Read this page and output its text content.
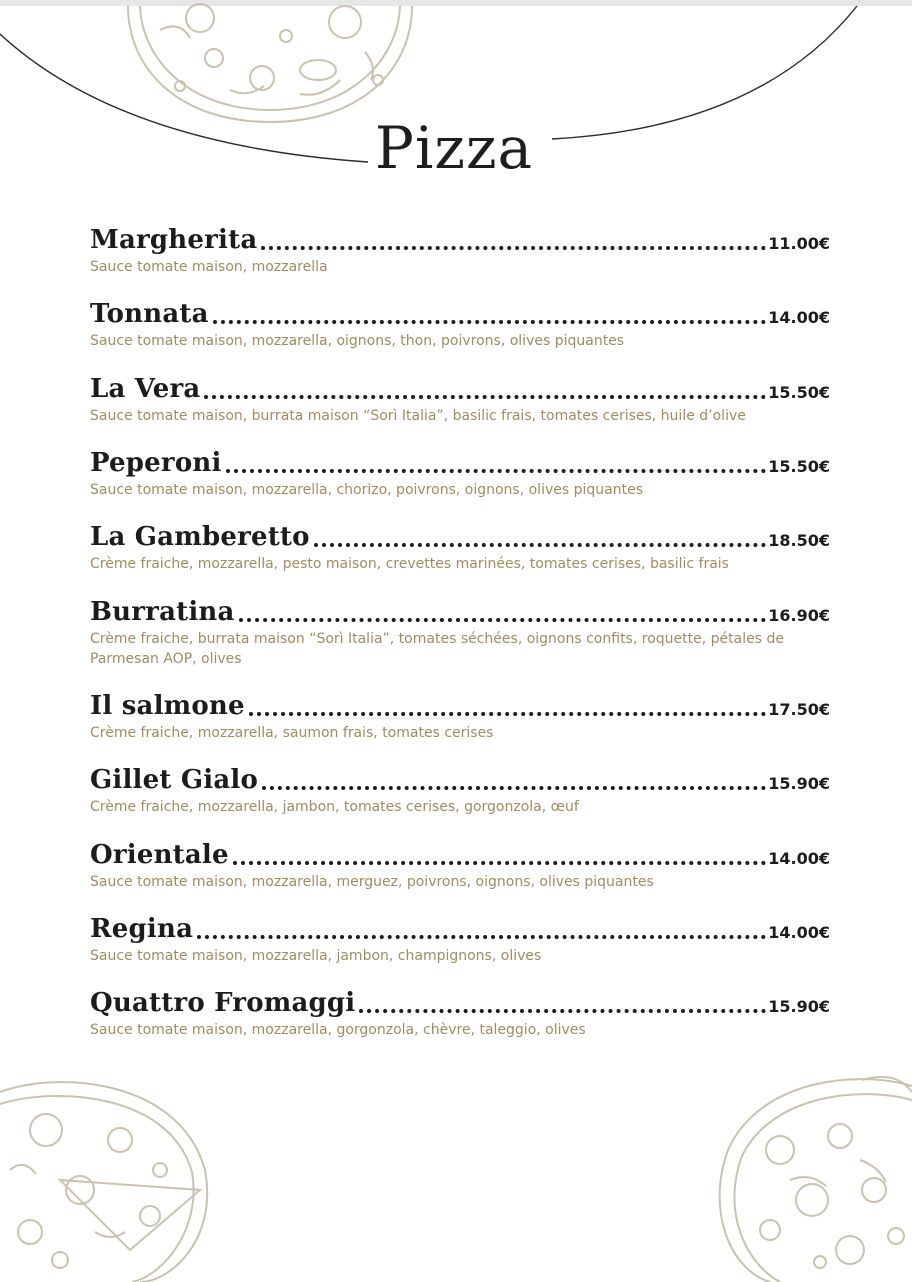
Pizza
Margherita	11.00€
Sauce tomate maison, mozzarella
Tonnata	14.00€
Sauce tomate maison, mozzarella, oignons, thon, poivrons, olives piquantes
La Vera	15.50€
Sauce tomate maison, burrata maison “Sorì Italia”, basilic frais, tomates cerises, huile d’olive
Peperoni	15.50€
Sauce tomate maison, mozzarella, chorizo, poivrons, oignons, olives piquantes
La Gamberetto	18.50€
Crème fraiche, mozzarella, pesto maison, crevettes marinées, tomates cerises, basilic frais
Burratina	16.90€
Crème fraiche, burrata maison “Sorì Italia”, tomates séchées, oignons confits, roquette, pétales de Parmesan AOP, olives
Il salmone	17.50€
Crème fraiche, mozzarella, saumon frais, tomates cerises
Gillet Gialo	15.90€
Crème fraiche, mozzarella, jambon, tomates cerises, gorgonzola, œuf
Orientale	14.00€
Sauce tomate maison, mozzarella, merguez, poivrons, oignons, olives piquantes
Regina	14.00€
Sauce tomate maison, mozzarella, jambon, champignons, olives
Quattro Fromaggi	15.90€
Sauce tomate maison, mozzarella, gorgonzola, chèvre, taleggio, olives
